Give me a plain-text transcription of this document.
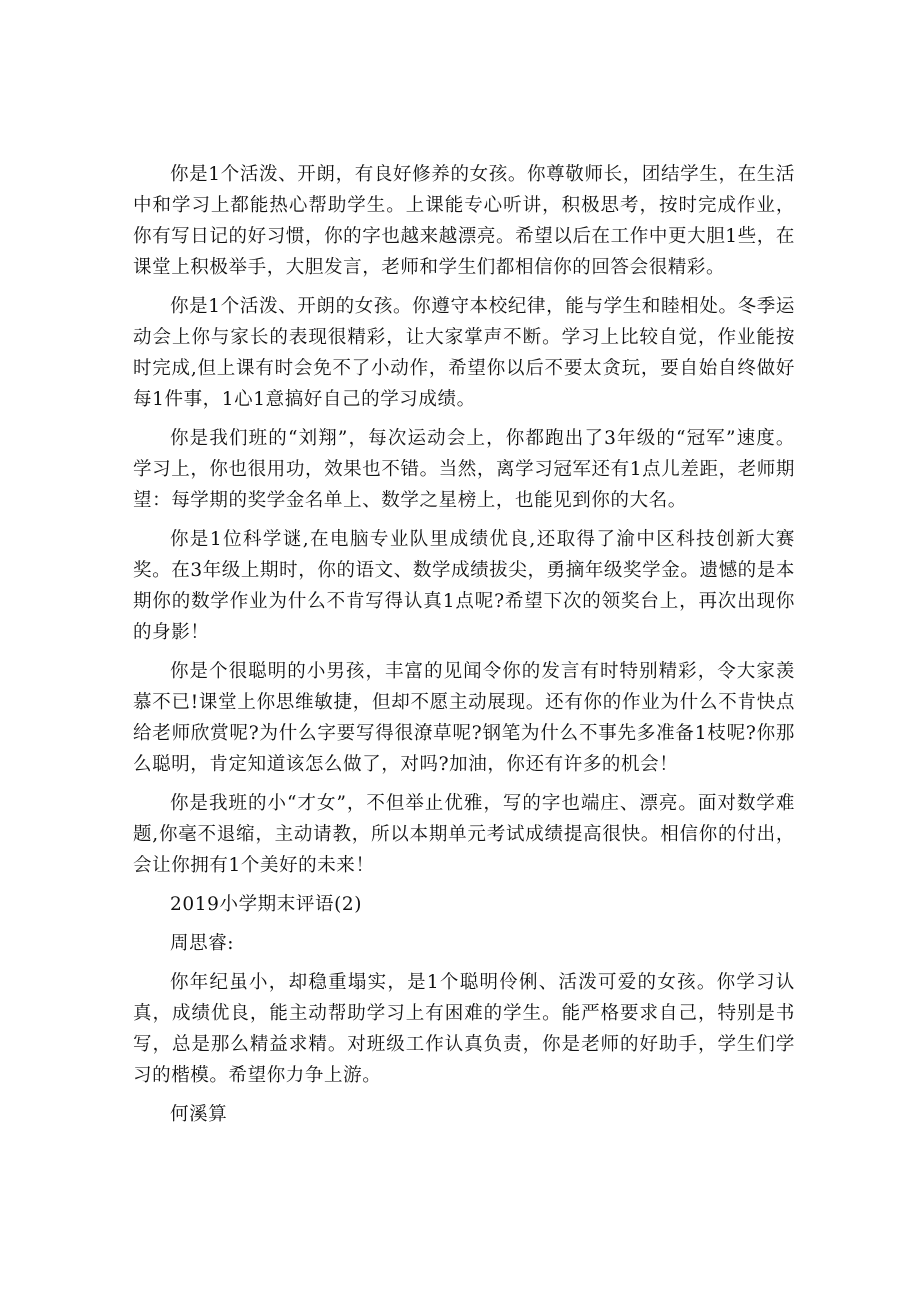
你是1个活泼、开朗，有良好修养的女孩。你尊敬师长，团结学生，在生活中和学习上都能热心帮助学生。上课能专心听讲，积极思考，按时完成作业，你有写日记的好习惯，你的字也越来越漂亮。希望以后在工作中更大胆1些，在课堂上积极举手，大胆发言，老师和学生们都相信你的回答会很精彩。

你是1个活泼、开朗的女孩。你遵守本校纪律，能与学生和睦相处。冬季运动会上你与家长的表现很精彩，让大家掌声不断。学习上比较自觉，作业能按时完成,但上课有时会免不了小动作，希望你以后不要太贪玩，要自始自终做好每1件事，1心1意搞好自己的学习成绩。

你是我们班的“刘翔”，每次运动会上，你都跑出了3年级的“冠军”速度。学习上，你也很用功，效果也不错。当然，离学习冠军还有1点儿差距，老师期望：每学期的奖学金名单上、数学之星榜上，也能见到你的大名。

你是1位科学谜,在电脑专业队里成绩优良,还取得了渝中区科技创新大赛奖。在3年级上期时，你的语文、数学成绩拔尖，勇摘年级奖学金。遗憾的是本期你的数学作业为什么不肯写得认真1点呢?希望下次的领奖台上，再次出现你的身影！

你是个很聪明的小男孩，丰富的见闻令你的发言有时特别精彩，令大家羡慕不已!课堂上你思维敏捷，但却不愿主动展现。还有你的作业为什么不肯快点给老师欣赏呢?为什么字要写得很潦草呢?钢笔为什么不事先多准备1枝呢?你那么聪明，肯定知道该怎么做了，对吗?加油，你还有许多的机会！

你是我班的小“才女”，不但举止优雅，写的字也端庄、漂亮。面对数学难题,你毫不退缩，主动请教，所以本期单元考试成绩提高很快。相信你的付出，会让你拥有1个美好的未来！

2019小学期末评语(2)

周思睿:

你年纪虽小，却稳重塌实，是1个聪明伶俐、活泼可爱的女孩。你学习认真，成绩优良，能主动帮助学习上有困难的学生。能严格要求自己，特别是书写，总是那么精益求精。对班级工作认真负责，你是老师的好助手，学生们学习的楷模。希望你力争上游。

何溪算
